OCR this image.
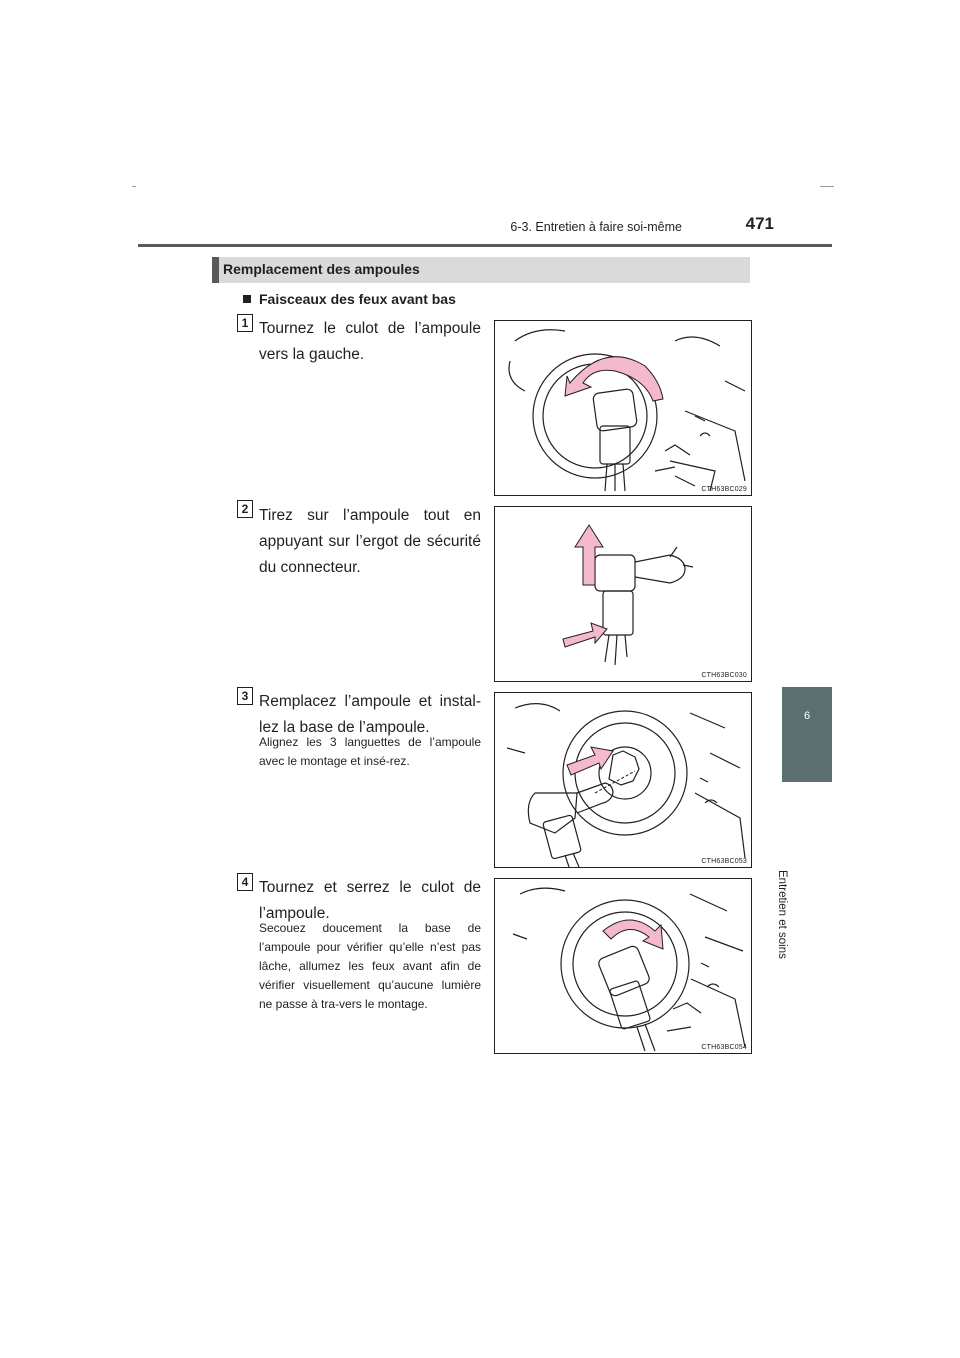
6-3. Entretien à faire soi-même	471
6
Entretien et soins
Remplacement des ampoules
Faisceaux des feux avant bas
1 Tournez le culot de l’ampoule vers la gauche.
CTH63BC029
2 Tirez sur l’ampoule tout en appuyant sur l’ergot de sécurité du connecteur.
CTH63BC030
3 Remplacez l’ampoule et instal-lez la base de l’ampoule.
Alignez les 3 languettes de l’ampoule avec le montage et insé-rez.
CTH63BC053
4 Tournez et serrez le culot de l’ampoule.
Secouez doucement la base de l’ampoule pour vérifier qu’elle n’est pas lâche, allumez les feux avant afin de vérifier visuellement qu’aucune lumière ne passe à tra-vers le montage.
CTH63BC054
